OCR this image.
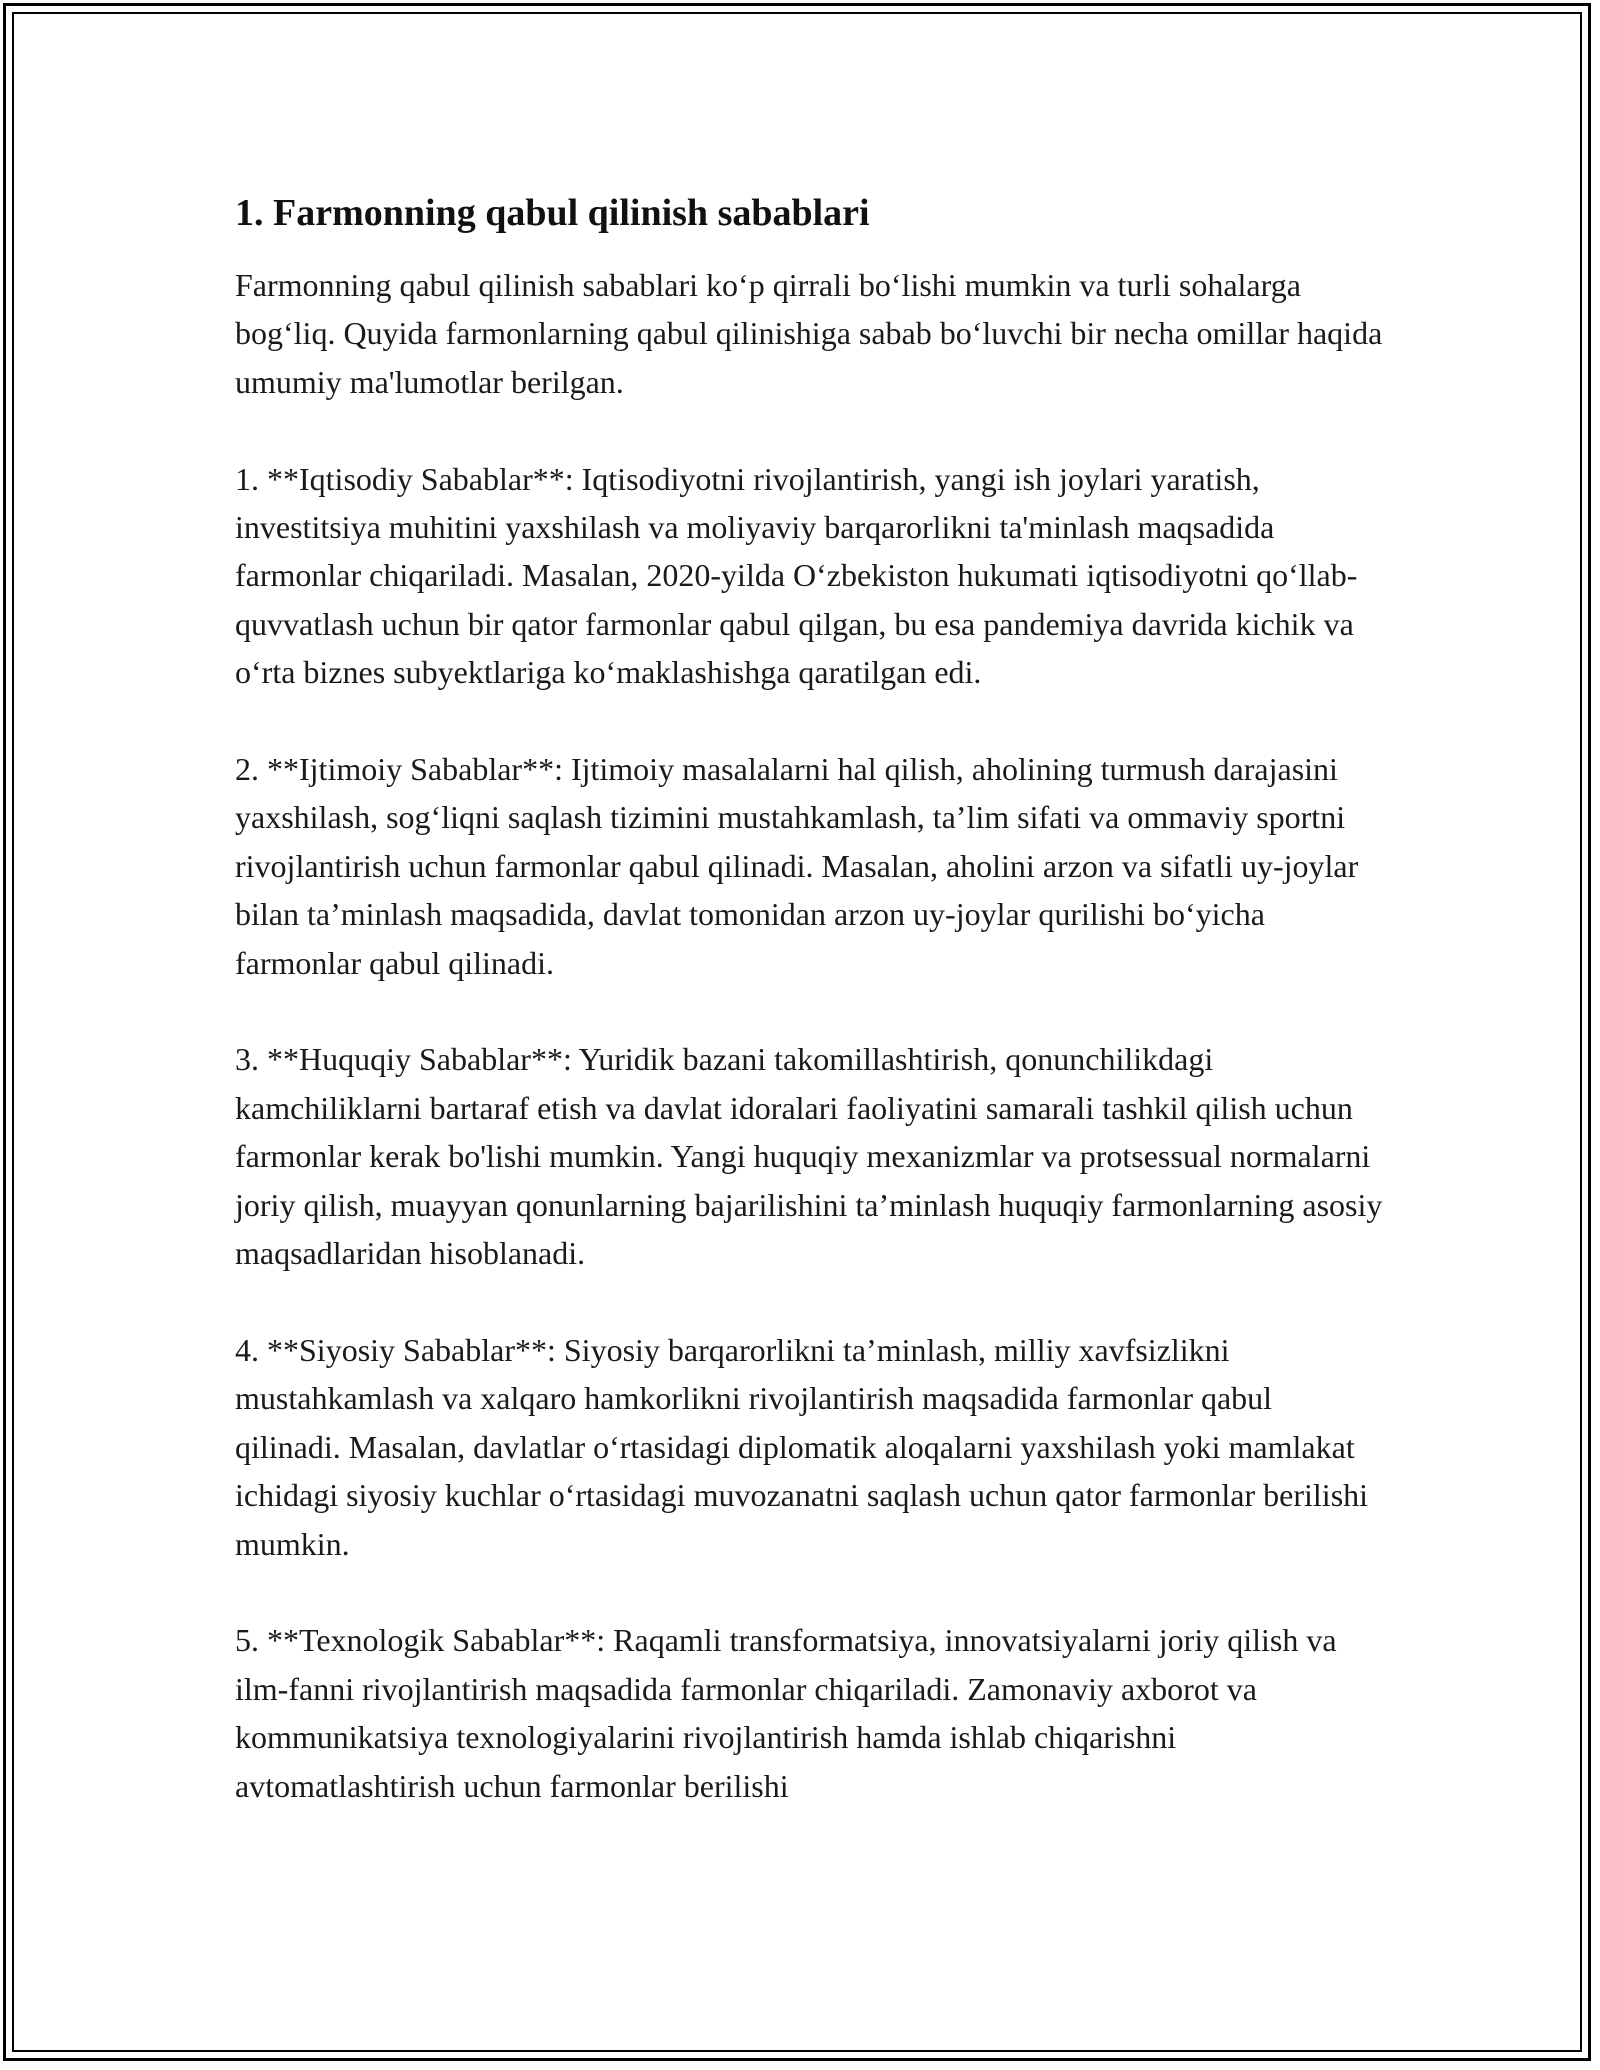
1. Farmonning qabul qilinish sabablari

Farmonning qabul qilinish sabablari ko‘p qirrali bo‘lishi mumkin va turli sohalarga bog‘liq. Quyida farmonlarning qabul qilinishiga sabab bo‘luvchi bir necha omillar haqida umumiy ma'lumotlar berilgan.

1. **Iqtisodiy Sabablar**: Iqtisodiyotni rivojlantirish, yangi ish joylari yaratish, investitsiya muhitini yaxshilash va moliyaviy barqarorlikni ta'minlash maqsadida farmonlar chiqariladi. Masalan, 2020-yilda O‘zbekiston hukumati iqtisodiyotni qo‘llab-quvvatlash uchun bir qator farmonlar qabul qilgan, bu esa pandemiya davrida kichik va o‘rta biznes subyektlariga ko‘maklashishga qaratilgan edi.

2. **Ijtimoiy Sabablar**: Ijtimoiy masalalarni hal qilish, aholining turmush darajasini yaxshilash, sog‘liqni saqlash tizimini mustahkamlash, ta’lim sifati va ommaviy sportni rivojlantirish uchun farmonlar qabul qilinadi. Masalan, aholini arzon va sifatli uy-joylar bilan ta’minlash maqsadida, davlat tomonidan arzon uy-joylar qurilishi bo‘yicha farmonlar qabul qilinadi.

3. **Huquqiy Sabablar**: Yuridik bazani takomillashtirish, qonunchilikdagi kamchiliklarni bartaraf etish va davlat idoralari faoliyatini samarali tashkil qilish uchun farmonlar kerak bo'lishi mumkin. Yangi huquqiy mexanizmlar va protsessual normalarni joriy qilish, muayyan qonunlarning bajarilishini ta’minlash huquqiy farmonlarning asosiy maqsadlaridan hisoblanadi.

4. **Siyosiy Sabablar**: Siyosiy barqarorlikni ta’minlash, milliy xavfsizlikni mustahkamlash va xalqaro hamkorlikni rivojlantirish maqsadida farmonlar qabul qilinadi. Masalan, davlatlar o‘rtasidagi diplomatik aloqalarni yaxshilash yoki mamlakat ichidagi siyosiy kuchlar o‘rtasidagi muvozanatni saqlash uchun qator farmonlar berilishi mumkin.

5. **Texnologik Sabablar**: Raqamli transformatsiya, innovatsiyalarni joriy qilish va ilm-fanni rivojlantirish maqsadida farmonlar chiqariladi. Zamonaviy axborot va kommunikatsiya texnologiyalarini rivojlantirish hamda ishlab chiqarishni avtomatlashtirish uchun farmonlar berilishi
